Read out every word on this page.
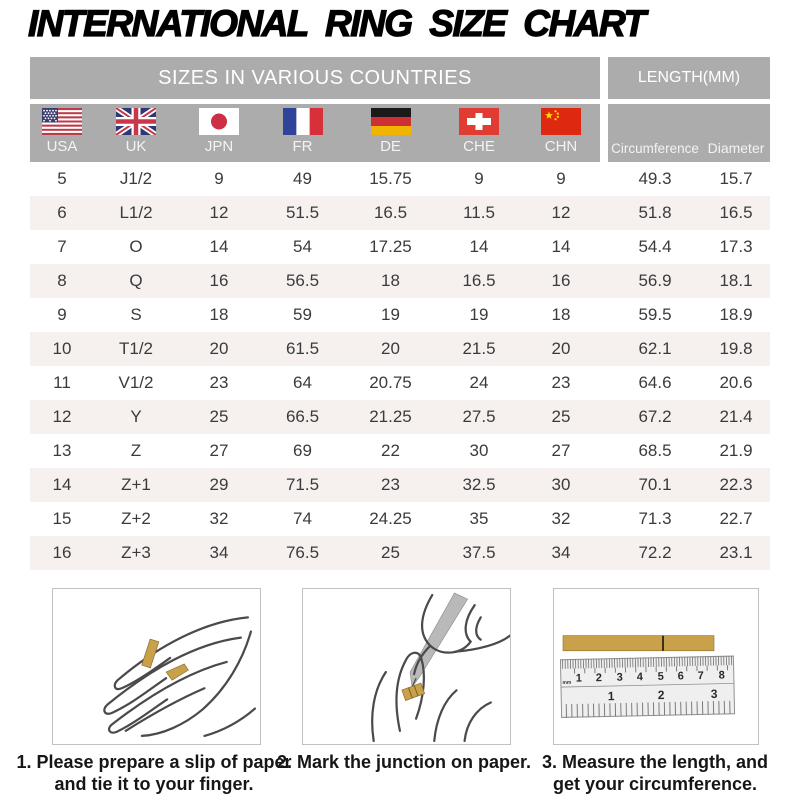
INTERNATIONAL RING SIZE CHART
SIZES IN VARIOUS COUNTRIES	LENGTH(MM)
USA	UK	JPN	FR	DE	CHE	CHN	Circumference Diameter
5	J1/2	9	49	15.75	9	9	49.3	15.7
6	L1/2	12	51.5	16.5	11.5	12	51.8	16.5
7	O	14	54	17.25	14	14	54.4	17.3
8	Q	16	56.5	18	16.5	16	56.9	18.1
9	S	18	59	19	19	18	59.5	18.9
10	T1/2	20	61.5	20	21.5	20	62.1	19.8
11	V1/2	23	64	20.75	24	23	64.6	20.6
12	Y	25	66.5	21.25	27.5	25	67.2	21.4
13	Z	27	69	22	30	27	68.5	21.9
14	Z+1	29	71.5	23	32.5	30	70.1	22.3
15	Z+2	32	74	24.25	35	32	71.3	22.7
16	Z+3	34	76.5	25	37.5	34	72.2	23.1
1 2 3 4 5 6 7 8
mm
1	2	3
1. Please prepare a slip of paper
and tie it to your finger.
2. Mark the junction on paper. 3. Measure the length, and
get your circumference.
